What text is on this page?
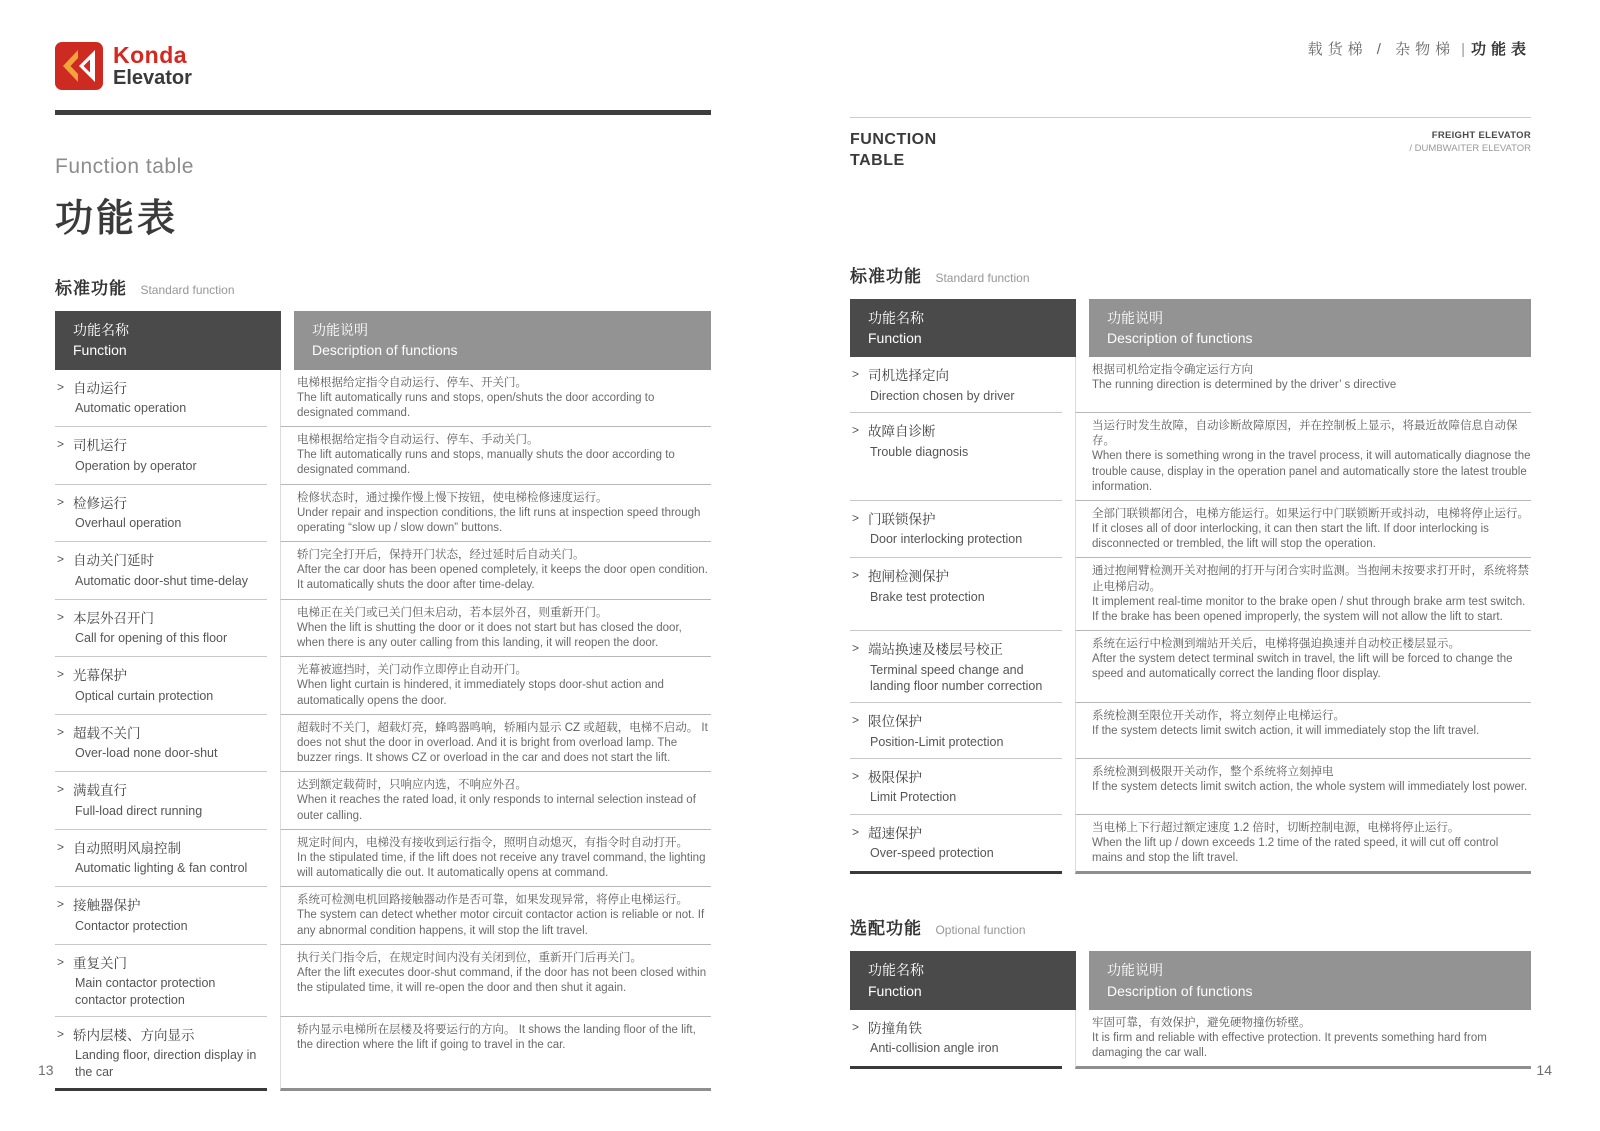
Konda
Elevator
Function table
功能表
标准功能 Standard function
功能名称
Function
功能说明
Description of functions
> 自动运行
Automatic operation
电梯根据给定指令自动运行、停车、开关门。
The lift automatically runs and stops, open/shuts the door according to designated command.
> 司机运行
Operation by operator
电梯根据给定指令自动运行、停车、手动关门。
The lift automatically runs and stops, manually shuts the door according to designated command.
> 检修运行
Overhaul operation
检修状态时，通过操作慢上慢下按钮，使电梯检修速度运行。
Under repair and inspection conditions, the lift runs at inspection speed through operating “slow up / slow down” buttons.
> 自动关门延时
Automatic door-shut time-delay
轿门完全打开后，保持开门状态，经过延时后自动关门。
After the car door has been opened completely, it keeps the door open condition. It automatically shuts the door after time-delay.
> 本层外召开门
Call for opening of this floor
电梯正在关门或已关门但未启动，若本层外召，则重新开门。
When the lift is shutting the door or it does not start but has closed the door, when there is any outer calling from this landing, it will reopen the door.
> 光幕保护
Optical curtain protection
光幕被遮挡时，关门动作立即停止自动开门。
When light curtain is hindered, it immediately stops door-shut action and automatically opens the door.
> 超载不关门
Over-load none door-shut
超载时不关门，超载灯亮，蜂鸣器鸣响，轿厢内显示 CZ 或超载，电梯不启动。 It does not shut the door in overload. And it is bright from overload lamp. The buzzer rings. It shows CZ or overload in the car and does not start the lift.
> 满载直行
Full-load direct running
达到额定载荷时，只响应内选，不响应外召。
When it reaches the rated load, it only responds to internal selection instead of outer calling.
> 自动照明风扇控制
Automatic lighting & fan control
规定时间内，电梯没有接收到运行指令，照明自动熄灭，有指令时自动打开。
In the stipulated time, if the lift does not receive any travel command, the lighting will automatically die out. It automatically opens at command.
> 接触器保护
Contactor protection
系统可检测电机回路接触器动作是否可靠，如果发现异常，将停止电梯运行。
The system can detect whether motor circuit contactor action is reliable or not. If any abnormal condition happens, it will stop the lift travel.
> 重复关门
Main contactor protection contactor protection
执行关门指令后，在规定时间内没有关闭到位，重新开门后再关门。
After the lift executes door-shut command, if the door has not been closed within the stipulated time, it will re-open the door and then shut it again.
> 轿内层楼、方向显示
Landing floor, direction display in the car
轿内显示电梯所在层楼及将要运行的方向。 It shows the landing floor of the lift, the direction where the lift if going to travel in the car.
载货梯 / 杂物梯 | 功能表
FUNCTION
TABLE
FREIGHT ELEVATOR
/ DUMBWAITER ELEVATOR
标准功能 Standard function
功能名称
Function
功能说明
Description of functions
> 司机选择定向
Direction chosen by driver
根据司机给定指令确定运行方向
The running direction is determined by the driver’ s directive
> 故障自诊断
Trouble diagnosis
当运行时发生故障，自动诊断故障原因，并在控制板上显示，将最近故障信息自动保存。
When there is something wrong in the travel process, it will automatically diagnose the trouble cause, display in the operation panel and automatically store the latest trouble information.
> 门联锁保护
Door interlocking protection
全部门联锁都闭合，电梯方能运行。如果运行中门联锁断开或抖动，电梯将停止运行。
If it closes all of door interlocking, it can then start the lift. If door interlocking is disconnected or trembled, the lift will stop the operation.
> 抱闸检测保护
Brake test protection
通过抱闸臂检测开关对抱闸的打开与闭合实时监测。当抱闸未按要求打开时，系统将禁止电梯启动。
It implement real-time monitor to the brake open / shut through brake arm test switch. If the brake has been opened improperly, the system will not allow the lift to start.
> 端站换速及楼层号校正
Terminal speed change and landing floor number correction
系统在运行中检测到端站开关后，电梯将强迫换速并自动校正楼层显示。
After the system detect terminal switch in travel, the lift will be forced to change the speed and automatically correct the landing floor display.
> 限位保护
Position-Limit protection
系统检测至限位开关动作，将立刻停止电梯运行。
If the system detects limit switch action, it will immediately stop the lift travel.
> 极限保护
Limit Protection
系统检测到极限开关动作，整个系统将立刻掉电
If the system detects limit switch action, the whole system will immediately lost power.
> 超速保护
Over-speed protection
当电梯上下行超过额定速度 1.2 倍时，切断控制电源，电梯将停止运行。
When the lift up / down exceeds 1.2 time of the rated speed, it will cut off control mains and stop the lift travel.
选配功能 Optional function
功能名称
Function
功能说明
Description of functions
> 防撞角铁
Anti-collision angle iron
牢固可靠，有效保护，避免硬物撞伤轿壁。
It is firm and reliable with effective protection. It prevents something hard from damaging the car wall.
13	14
